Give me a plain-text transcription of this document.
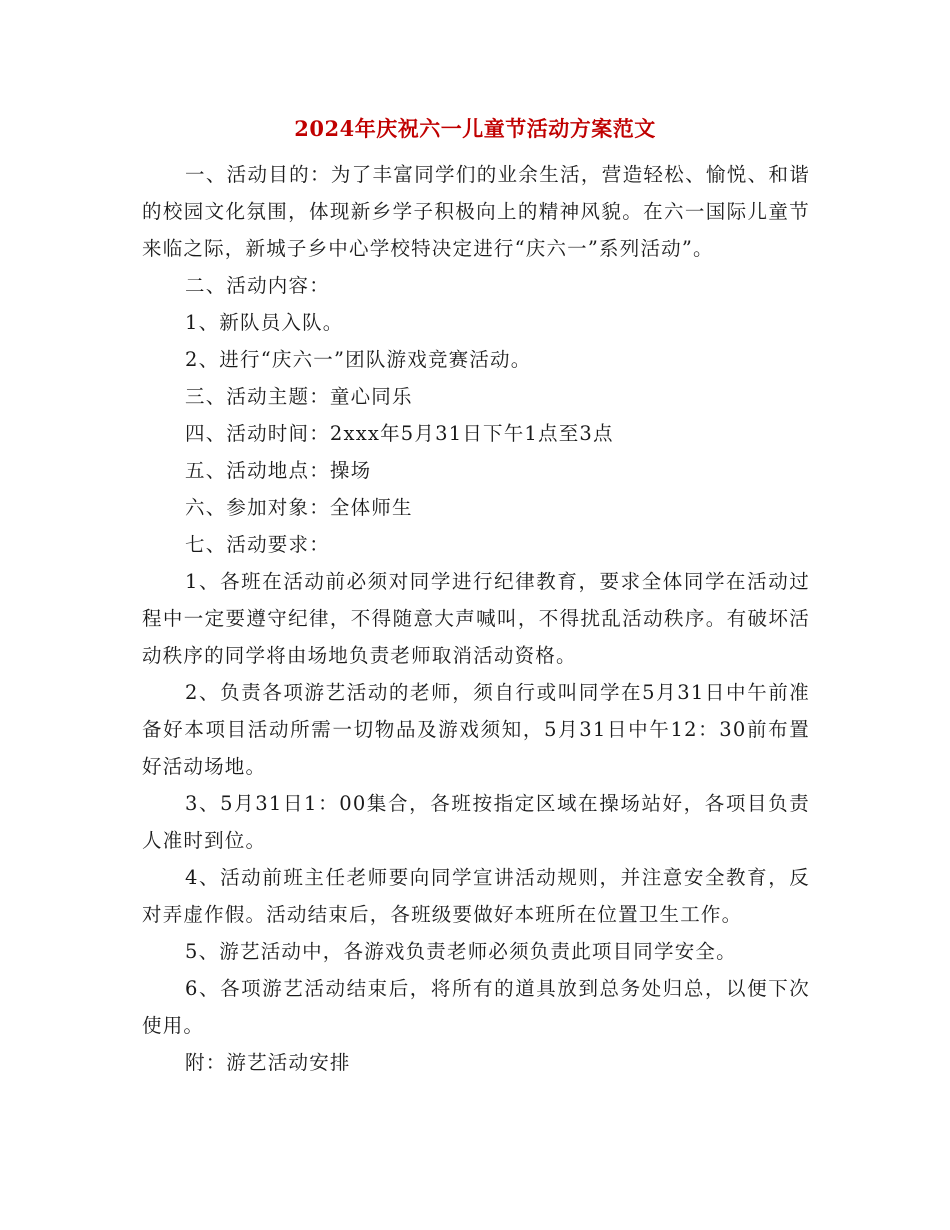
2024年庆祝六一儿童节活动方案范文

一、活动目的：为了丰富同学们的业余生活，营造轻松、愉悦、和谐的校园文化氛围，体现新乡学子积极向上的精神风貌。在六一国际儿童节来临之际，新城子乡中心学校特决定进行“庆六一”系列活动”。

二、活动内容：

1、新队员入队。

2、进行“庆六一”团队游戏竞赛活动。

三、活动主题：童心同乐

四、活动时间：2xxx年5月31日下午1点至3点

五、活动地点：操场

六、参加对象：全体师生

七、活动要求：

1、各班在活动前必须对同学进行纪律教育，要求全体同学在活动过程中一定要遵守纪律，不得随意大声喊叫，不得扰乱活动秩序。有破坏活动秩序的同学将由场地负责老师取消活动资格。

2、负责各项游艺活动的老师，须自行或叫同学在5月31日中午前准备好本项目活动所需一切物品及游戏须知，5月31日中午12：30前布置好活动场地。

3、5月31日1：00集合，各班按指定区域在操场站好，各项目负责人准时到位。

4、活动前班主任老师要向同学宣讲活动规则，并注意安全教育，反对弄虚作假。活动结束后，各班级要做好本班所在位置卫生工作。

5、游艺活动中，各游戏负责老师必须负责此项目同学安全。

6、各项游艺活动结束后，将所有的道具放到总务处归总，以便下次使用。

附：游艺活动安排
